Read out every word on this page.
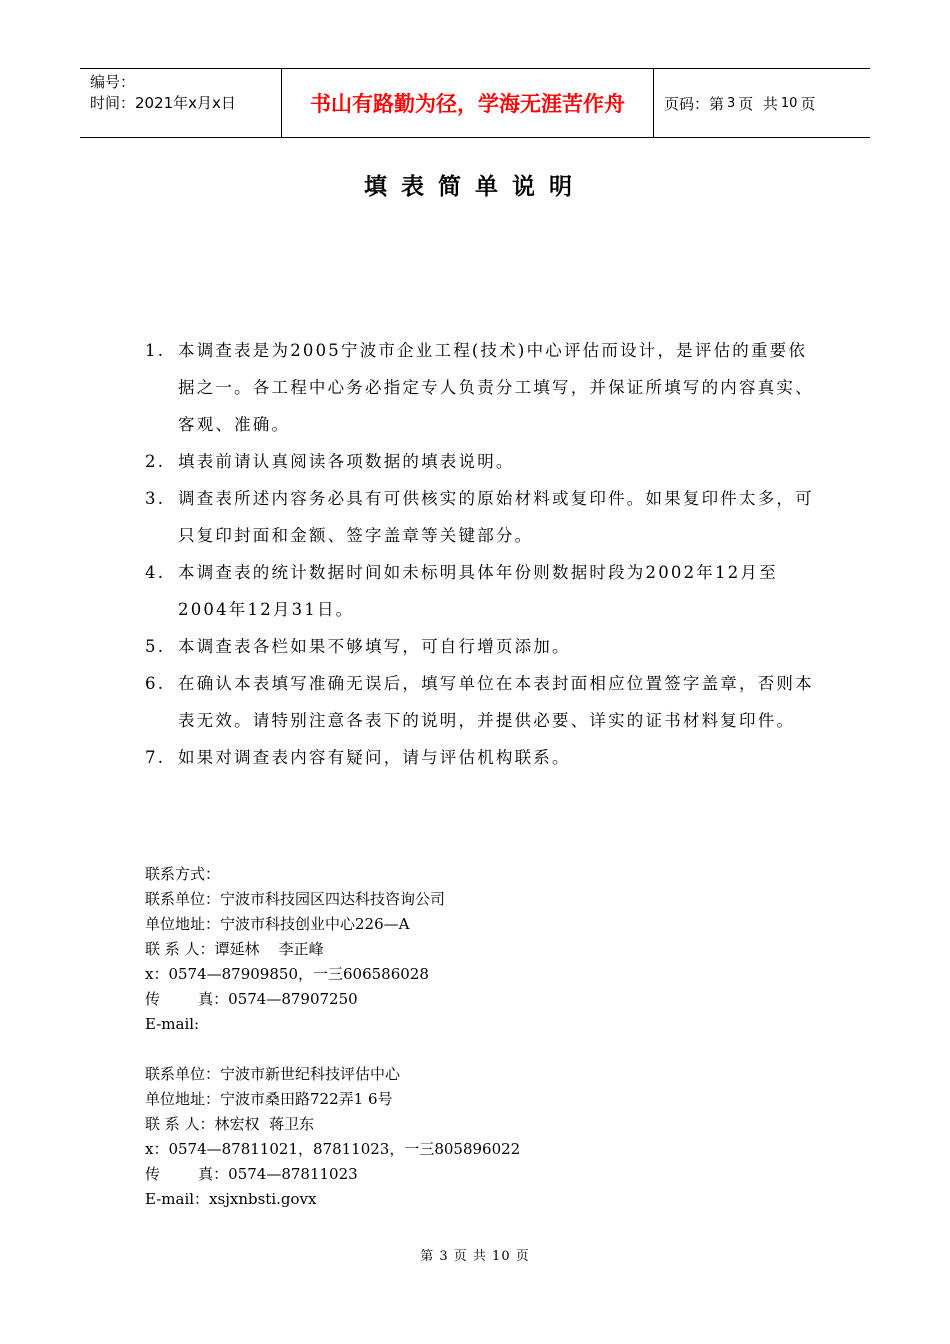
编号：
时间：2021年x月x日	书山有路勤为径，学海无涯苦作舟	页码：第 3 页  共 10 页
填表简单说明
1. 本调查表是为2005宁波市企业工程(技术)中心评估而设计，是评估的重要依据之一。各工程中心务必指定专人负责分工填写，并保证所填写的内容真实、客观、准确。
2. 填表前请认真阅读各项数据的填表说明。
3. 调查表所述内容务必具有可供核实的原始材料或复印件。如果复印件太多，可只复印封面和金额、签字盖章等关键部分。
4. 本调查表的统计数据时间如未标明具体年份则数据时段为2002年12月至2004年12月31日。
5. 本调查表各栏如果不够填写，可自行增页添加。
6. 在确认本表填写准确无误后，填写单位在本表封面相应位置签字盖章，否则本表无效。请特别注意各表下的说明，并提供必要、详实的证书材料复印件。
7. 如果对调查表内容有疑问，请与评估机构联系。
联系方式：
联系单位：宁波市科技园区四达科技咨询公司
单位地址：宁波市科技创业中心226—A
联 系 人：谭延林    李正峰
x：0574—87909850，一三606586028
传        真：0574—87907250
E-mail:
联系单位：宁波市新世纪科技评估中心
单位地址：宁波市桑田路722弄1 6号
联 系 人：林宏权  蒋卫东
x：0574—87811021，87811023，一三805896022
传        真：0574—87811023
E-mail：xsjxnbsti.govx
第 3 页 共 10 页
